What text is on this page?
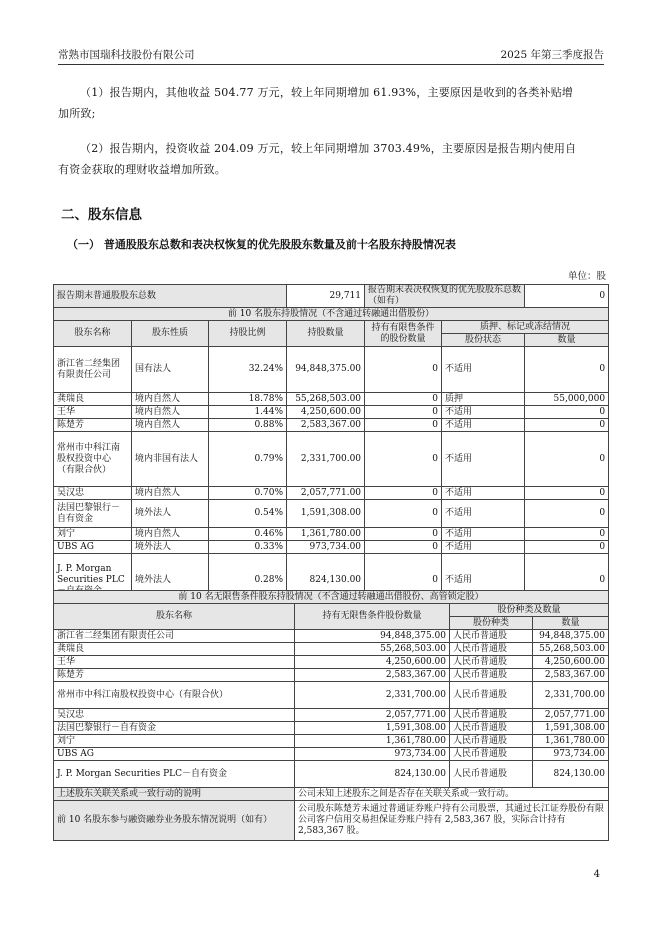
常熟市国瑞科技股份有限公司	2025 年第三季度报告
（1）报告期内，其他收益 504.77 万元，较上年同期增加 61.93%，主要原因是收到的各类补贴增
加所致;
（2）报告期内，投资收益 204.09 万元，较上年同期增加 3703.49%，主要原因是报告期内使用自
有资金获取的理财收益增加所致。
二、股东信息
（一） 普通股股东总数和表决权恢复的优先股股东数量及前十名股东持股情况表
单位：股
报告期末普通股股东总数			29,711	报告期末表决权恢复的优先股股东总数（如有）		0
前 10 名股东持股情况（不含通过转融通出借股份）						
股东名称	股东性质	持股比例	持股数量	持有有限售条件的股份数量	质押、标记或冻结情况	
					股份状态	数量
浙江省二经集团有限责任公司	国有法人	32.24%	94,848,375.00	0	不适用	0
龚瑞良	境内自然人	18.78%	55,268,503.00	0	质押	55,000,000
王华	境内自然人	1.44%	4,250,600.00	0	不适用	0
陈楚芳	境内自然人	0.88%	2,583,367.00	0	不适用	0
常州市中科江南股权投资中心（有限合伙）	境内非国有法人	0.79%	2,331,700.00	0	不适用	0
吴汉忠	境内自然人	0.70%	2,057,771.00	0	不适用	0
法国巴黎银行－自有资金	境外法人	0.54%	1,591,308.00	0	不适用	0
刘宁	境内自然人	0.46%	1,361,780.00	0	不适用	0
UBS AG	境外法人	0.33%	973,734.00	0	不适用	0
J. P. Morgan Securities PLC	境外法人	0.28%	824,130.00	0	不适用	0
前 10 名无限售条件股东持股情况（不含通过转融通出借股份、高管锁定股）			
股东名称	持有无限售条件股份数量	股份种类及数量	
		股份种类	数量
浙江省二经集团有限责任公司	94,848,375.00	人民币普通股	94,848,375.00
龚瑞良	55,268,503.00	人民币普通股	55,268,503.00
王华	4,250,600.00	人民币普通股	4,250,600.00
陈楚芳	2,583,367.00	人民币普通股	2,583,367.00
常州市中科江南股权投资中心（有限合伙）	2,331,700.00	人民币普通股	2,331,700.00
吴汉忠	2,057,771.00	人民币普通股	2,057,771.00
法国巴黎银行－自有资金	1,591,308.00	人民币普通股	1,591,308.00
刘宁	1,361,780.00	人民币普通股	1,361,780.00
UBS AG	973,734.00	人民币普通股	973,734.00
J. P. Morgan Securities PLC－自有资金	824,130.00	人民币普通股	824,130.00
上述股东关联关系或一致行动的说明	公司未知上述股东之间是否存在关联关系或一致行动。		
前 10 名股东参与融资融券业务股东情况说明（如有）	公司股东陈楚芳未通过普通证券账户持有公司股票，其通过长江证券股份有限公司客户信用交易担保证券账户持有 2,583,367 股，实际合计持有 2,583,367 股。		
4
